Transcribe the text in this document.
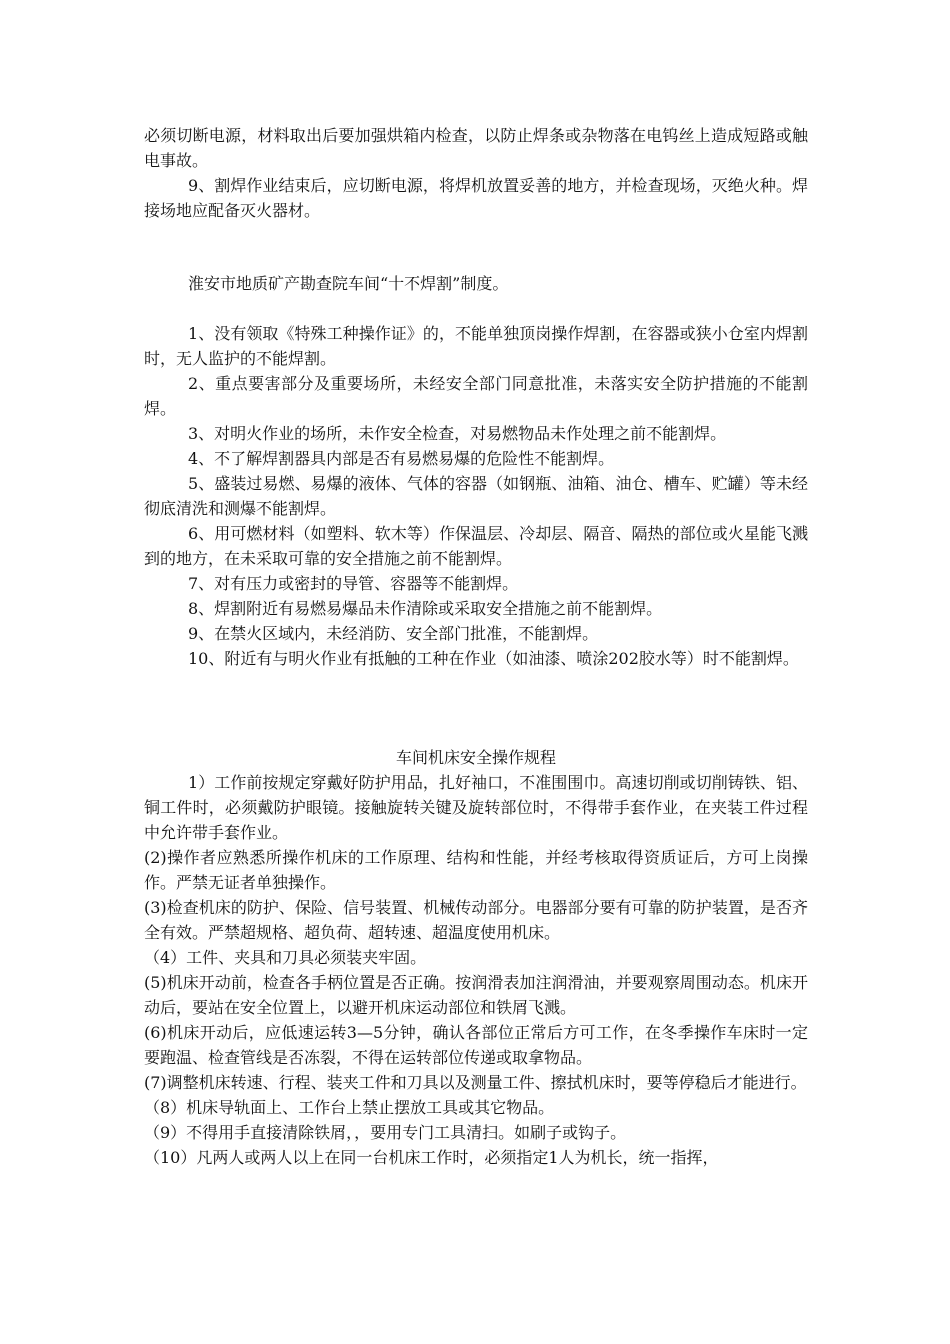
必须切断电源，材料取出后要加强烘箱内检查，以防止焊条或杂物落在电钨丝上造成短路或触电事故。

9、割焊作业结束后，应切断电源，将焊机放置妥善的地方，并检查现场，灭绝火种。焊接场地应配备灭火器材。

淮安市地质矿产勘查院车间“十不焊割”制度。

1、没有领取《特殊工种操作证》的，不能单独顶岗操作焊割，在容器或狭小仓室内焊割时，无人监护的不能焊割。

2、重点要害部分及重要场所，未经安全部门同意批准，未落实安全防护措施的不能割焊。

3、对明火作业的场所，未作安全检查，对易燃物品未作处理之前不能割焊。

4、不了解焊割器具内部是否有易燃易爆的危险性不能割焊。

5、盛装过易燃、易爆的液体、气体的容器（如钢瓶、油箱、油仓、槽车、贮罐）等未经彻底清洗和测爆不能割焊。

6、用可燃材料（如塑料、软木等）作保温层、冷却层、隔音、隔热的部位或火星能飞溅到的地方，在未采取可靠的安全措施之前不能割焊。

7、对有压力或密封的导管、容器等不能割焊。

8、焊割附近有易燃易爆品未作清除或采取安全措施之前不能割焊。

9、在禁火区域内，未经消防、安全部门批准，不能割焊。

10、附近有与明火作业有抵触的工种在作业（如油漆、喷涂202胶水等）时不能割焊。

车间机床安全操作规程

1）工作前按规定穿戴好防护用品，扎好袖口，不准围围巾。高速切削或切削铸铁、铝、铜工件时，必须戴防护眼镜。接触旋转关键及旋转部位时，不得带手套作业，在夹装工件过程中允许带手套作业。

(2)操作者应熟悉所操作机床的工作原理、结构和性能，并经考核取得资质证后，方可上岗操作。严禁无证者单独操作。

(3)检查机床的防护、保险、信号装置、机械传动部分。电器部分要有可靠的防护装置，是否齐全有效。严禁超规格、超负荷、超转速、超温度使用机床。

（4）工件、夹具和刀具必须装夹牢固。

(5)机床开动前，检查各手柄位置是否正确。按润滑表加注润滑油，并要观察周围动态。机床开动后，要站在安全位置上，以避开机床运动部位和铁屑飞溅。

(6)机床开动后，应低速运转3—5分钟，确认各部位正常后方可工作，在冬季操作车床时一定要跑温、检查管线是否冻裂，不得在运转部位传递或取拿物品。

(7)调整机床转速、行程、装夹工件和刀具以及测量工件、擦拭机床时，要等停稳后才能进行。

（8）机床导轨面上、工作台上禁止摆放工具或其它物品。

（9）不得用手直接清除铁屑，，要用专门工具清扫。如刷子或钩子。

（10）凡两人或两人以上在同一台机床工作时，必须指定1人为机长，统一指挥，
